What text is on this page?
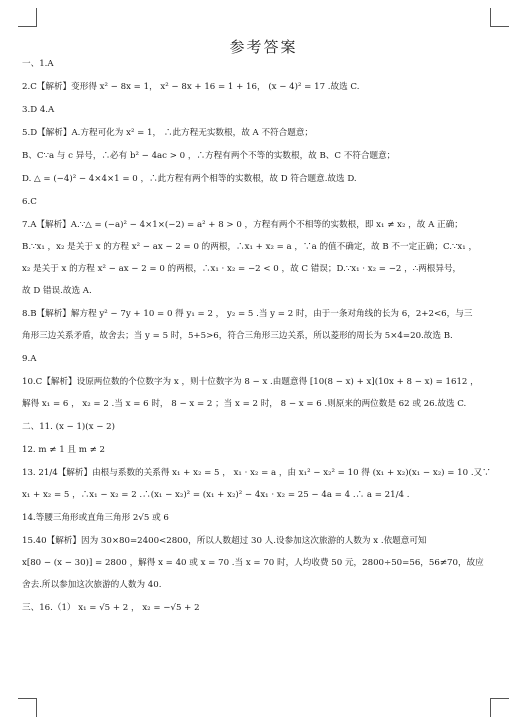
参考答案

一、1.A

2.C【解析】变形得 x² − 8x = 1， x² − 8x + 16 = 1 + 16， (x − 4)² = 17 .故选 C.

3.D 4.A

5.D【解析】A.方程可化为 x² = 1， ∴此方程无实数根，故 A 不符合题意；

B、C∵a 与 c 异号，∴必有 b² − 4ac > 0 ，∴方程有两个不等的实数根，故 B、C 不符合题意；

D. △ = (−4)² − 4×4×1 = 0 ，∴此方程有两个相等的实数根，故 D 符合题意.故选 D.

6.C

7.A【解析】A.∵△ = (−a)² − 4×1×(−2) = a² + 8 > 0 ，方程有两个不相等的实数根，即 x₁ ≠ x₂ ，故 A 正确；

B.∵x₁ ，x₂ 是关于 x 的方程 x² − ax − 2 = 0 的两根，∴x₁ + x₂ = a ，∵a 的值不确定，故 B 不一定正确；C.∵x₁ ，

x₂ 是关于 x 的方程 x² − ax − 2 = 0 的两根，∴x₁ · x₂ = −2 < 0 ，故 C 错误；D.∵x₁ · x₂ = −2 ，∴两根异号，

故 D 错误.故选 A.

8.B【解析】解方程 y² − 7y + 10 = 0 得 y₁ = 2 ， y₂ = 5 .当 y = 2 时，由于一条对角线的长为 6，2+2<6，与三

角形三边关系矛盾，故舍去；当 y = 5 时，5+5>6，符合三角形三边关系，所以菱形的周长为 5×4=20.故选 B.

9.A

10.C【解析】设原两位数的个位数字为 x ，则十位数字为 8 − x .由题意得 [10(8 − x) + x](10x + 8 − x) = 1612 ，

解得 x₁ = 6 ， x₂ = 2 .当 x = 6 时， 8 − x = 2 ；当 x = 2 时， 8 − x = 6 .则原来的两位数是 62 或 26.故选 C.

二、11. (x − 1)(x − 2)

12. m ≠ 1 且 m ≠ 2

13. 21/4【解析】由根与系数的关系得 x₁ + x₂ = 5 ， x₁ · x₂ = a ，由 x₁² − x₂² = 10 得 (x₁ + x₂)(x₁ − x₂) = 10 .又∵

x₁ + x₂ = 5 ，∴x₁ − x₂ = 2 .∴(x₁ − x₂)² = (x₁ + x₂)² − 4x₁ · x₂ = 25 − 4a = 4 .∴ a = 21/4 .

14.等腰三角形或直角三角形 2√5 或 6

15.40【解析】因为 30×80=2400<2800，所以人数超过 30 人.设参加这次旅游的人数为 x .依题意可知

x[80 − (x − 30)] = 2800 ，解得 x = 40 或 x = 70 .当 x = 70 时，人均收费 50 元，2800÷50=56，56≠70，故应

舍去.所以参加这次旅游的人数为 40.

三、16.（1） x₁ = √5 + 2 ， x₂ = −√5 + 2
